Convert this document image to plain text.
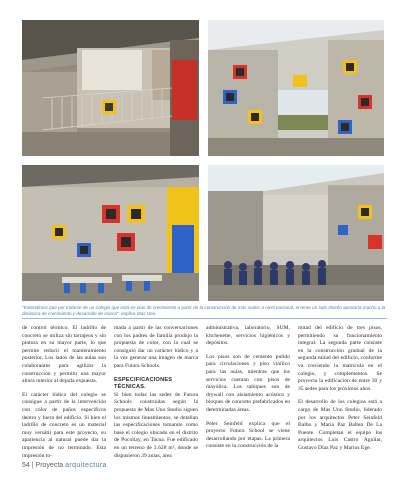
"Entendimos que por tratarse de un colegio que está en vías de crecimiento a partir de la construcción de más sedes a nivel nacional, el tener un solo diseño aportaría mucho a la dinámica de crecimiento y desarrollo de marca", explica Mas Uno.

de control térmico. El ladrillo de concreto se utiliza sin tarrajeos y sin pintura en su mayor parte, lo que permite reducir el mantenimiento posterior. Los lados de las aulas son colaborantes para agilizar la construcción y permitir una mayor altura interior al dejarla expuesta.

El carácter lúdico del colegio se consigue a partir de la intervención con color de paños específicos dentro y fuera del edificio. Si bien el ladrillo de concreto es un material muy versátil para este proyecto, su apariencia al natural puede dar la impresión de no terminado. Esta impresión to-

mada a partir de las conversaciones con los padres de familia produjo la propuesta de color, con la cual se consiguió dar un carácter lúdico y a la vez generar una imagen de marca para Futura Schools.

ESPECIFICACIONES TÉCNICAS.

Si bien todas las sedes de Futura Schools construidas según la propuesta de Mas Uno Studio siguen los mismos lineamientos, se detallan las especificaciones tomando como base el colegio ubicado en el distrito de Pocollay, en Tacna. Fue edificado en un terreno de 3.628 m², donde se dispusieron 29 aulas, área

administrativa, laboratorio, SUM, kitchenette, servicios higiénicos y depósitos.

Los pisos son de cemento pulido para circulaciones y piso vinílico para las aulas, mientras que los servicios cuentan con pisos de mayólica. Los tabiques son de drywall con aislamiento acústico y bloques de concreto prefabricados en determinadas áreas.

Peter Seinfeld explica que el proyecto Futura School se viene desarrollando por etapas. La primera consiste en la construcción de la

mitad del edificio de tres pisos, permitiendo su funcionamiento integral. La segunda parte consiste en la construcción gradual de la segunda mitad del edificio, conforme va creciendo la matrícula en el colegio, y complementos. Se proyecta la edificación de entre 30 y 35 sedes para los próximos años.

El desarrollo de los colegios está a cargo de Mas Uno Studio, liderado por los arquitectos Peter Seinfeld Balbo y María Paz Ballen De La Puente. Completan el equipo los arquitectos Luis Castro Aguilar, Gustavo Díaz Paz y Marius Ege.

54 | Proyecta arquitectura
